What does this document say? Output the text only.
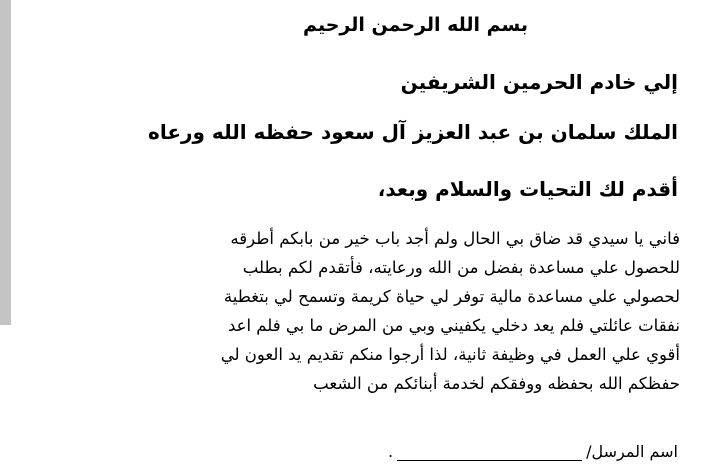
بسم الله الرحمن الرحيم
إلي خادم الحرمين الشريفين
الملك سلمان بن عبد العزيز آل سعود حفظه الله ورعاه
أقدم لك التحيات والسلام وبعد،
فاني يا سيدي قد ضاق بي الحال ولم أجد باب خير من بابكم أطرقه
للحصول علي مساعدة بفضل من الله ورعايته، فأتقدم لكم بطلب
لحصولي علي مساعدة مالية توفر لي حياة كريمة وتسمح لي بتغطية
نفقات عائلتي فلم يعد دخلي يكفيني وبي من المرض ما بي فلم اعد
أقوي علي العمل في وظيفة ثانية، لذا أرجوا منكم تقديم يد العون لي
حفظكم الله بحفظه ووفقكم لخدمة أبنائكم من الشعب
اسم المرسل/
.
